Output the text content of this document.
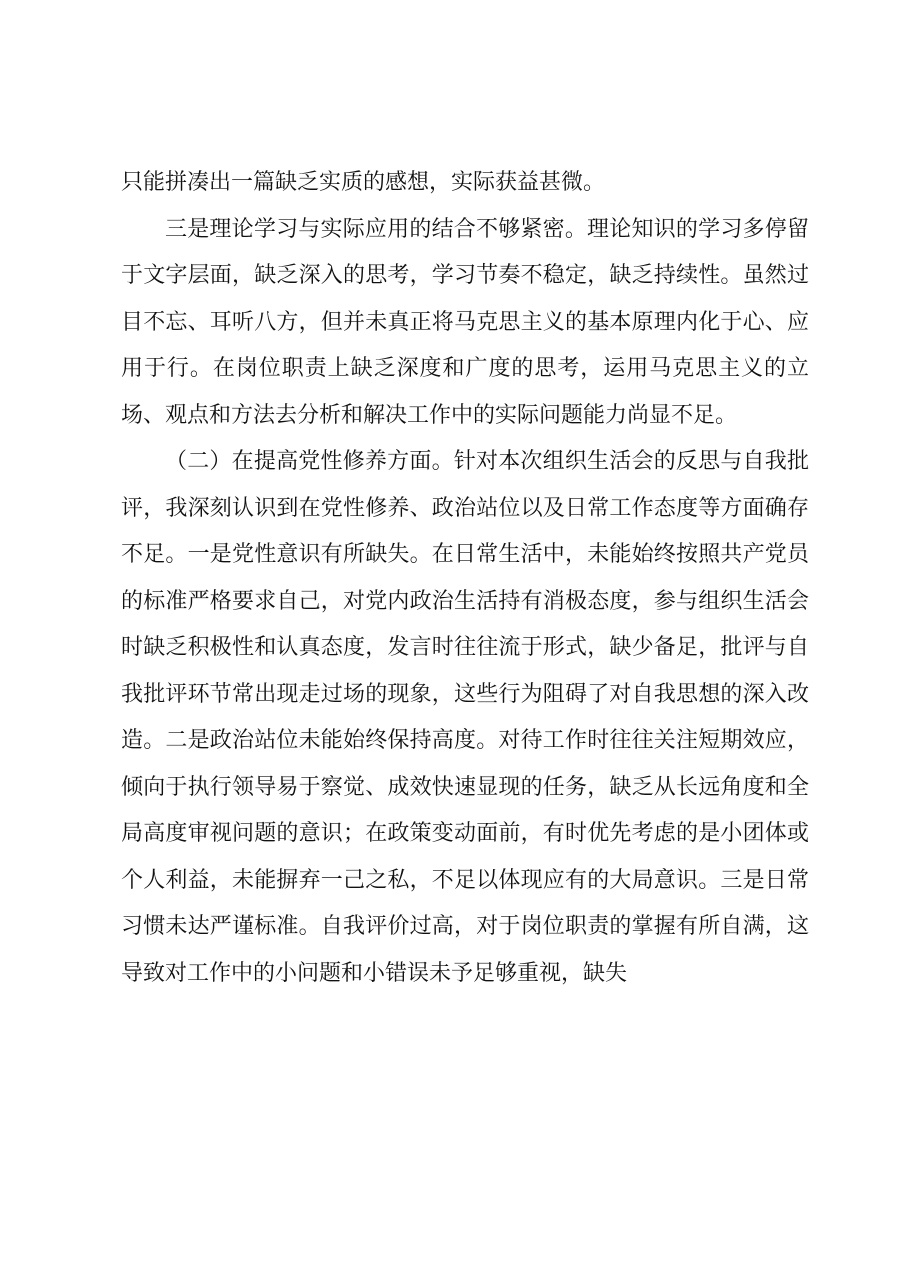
只能拼凑出一篇缺乏实质的感想，实际获益甚微。

三是理论学习与实际应用的结合不够紧密。理论知识的学习多停留于文字层面，缺乏深入的思考，学习节奏不稳定，缺乏持续性。虽然过目不忘、耳听八方，但并未真正将马克思主义的基本原理内化于心、应用于行。在岗位职责上缺乏深度和广度的思考，运用马克思主义的立场、观点和方法去分析和解决工作中的实际问题能力尚显不足。

（二）在提高党性修养方面。针对本次组织生活会的反思与自我批评，我深刻认识到在党性修养、政治站位以及日常工作态度等方面确存不足。一是党性意识有所缺失。在日常生活中，未能始终按照共产党员的标准严格要求自己，对党内政治生活持有消极态度，参与组织生活会时缺乏积极性和认真态度，发言时往往流于形式，缺少备足，批评与自我批评环节常出现走过场的现象，这些行为阻碍了对自我思想的深入改造。二是政治站位未能始终保持高度。对待工作时往往关注短期效应，倾向于执行领导易于察觉、成效快速显现的任务，缺乏从长远角度和全局高度审视问题的意识；在政策变动面前，有时优先考虑的是小团体或个人利益，未能摒弃一己之私，不足以体现应有的大局意识。三是日常习惯未达严谨标准。自我评价过高，对于岗位职责的掌握有所自满，这导致对工作中的小问题和小错误未予足够重视，缺失
